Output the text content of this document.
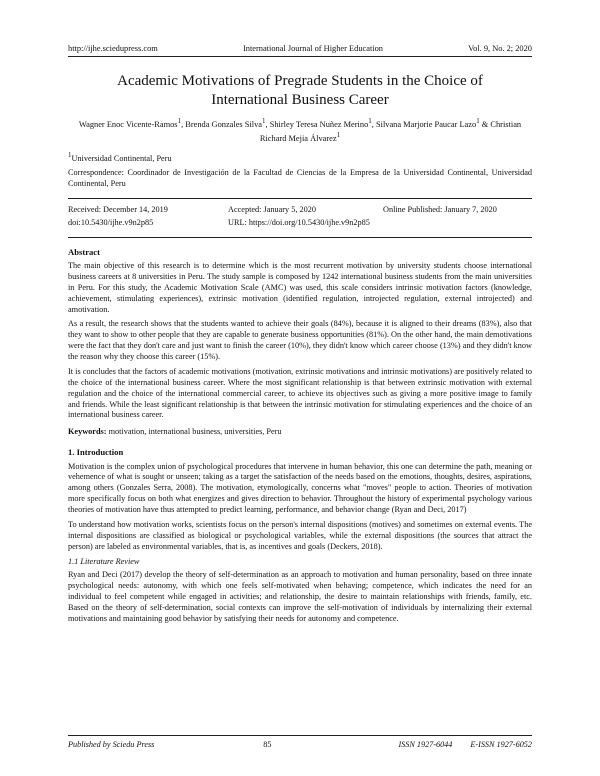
http://ijhe.sciedupress.com	International Journal of Higher Education	Vol. 9, No. 2; 2020
Academic Motivations of Pregrade Students in the Choice of
International Business Career
Wagner Enoc Vicente-Ramos$^1$, Brenda Gonzales Silva$^1$, Shirley Teresa Nuñez Merino$^1$, Silvana Marjorie Paucar Lazo$^1$ & Christian Richard Mejia Álvarez$^1$
$^1$Universidad Continental, Peru
Correspondence: Coordinador de Investigación de la Facultad de Ciencias de la Empresa de la Universidad Continental, Universidad Continental, Peru
Received: December 14, 2019	Accepted: January 5, 2020	Online Published: January 7, 2020
doi:10.5430/ijhe.v9n2p85	URL: https://doi.org/10.5430/ijhe.v9n2p85
Abstract

The main objective of this research is to determine which is the most recurrent motivation by university students choose international business careers at 8 universities in Peru. The study sample is composed by 1242 international business students from the main universities in Peru. For this study, the Academic Motivation Scale (AMC) was used, this scale considers intrinsic motivation factors (knowledge, achievement, stimulating experiences), extrinsic motivation (identified regulation, introjected regulation, external introjected) and amotivation.

As a result, the research shows that the students wanted to achieve their goals (84%), because it is aligned to their dreams (83%), also that they want to show to other people that they are capable to generate business opportunities (81%). On the other hand, the main demotivations were the fact that they don't care and just want to finish the career (10%), they didn't know which career choose (13%) and they didn't know the reason why they choose this career (15%).

It is concludes that the factors of academic motivations (motivation, extrinsic motivations and intrinsic motivations) are positively related to the choice of the international business career. Where the most significant relationship is that between extrinsic motivation with external regulation and the choice of the international commercial career, to achieve its objectives such as giving a more positive image to family and friends. While the least significant relationship is that between the intrinsic motivation for stimulating experiences and the choice of an international business career.

Keywords: motivation, international business, universities, Peru
1. Introduction

Motivation is the complex union of psychological procedures that intervene in human behavior, this one can determine the path, meaning or vehemence of what is sought or unseen; taking as a target the satisfaction of the needs based on the emotions, thoughts, desires, aspirations, among others (Gonzales Serra, 2008). The motivation, etymologically, concerns what "moves" people to action. Theories of motivation more specifically focus on both what energizes and gives direction to behavior. Throughout the history of experimental psychology various theories of motivation have thus attempted to predict learning, performance, and behavior change (Ryan and Deci, 2017)

To understand how motivation works, scientists focus on the person's internal dispositions (motives) and sometimes on external events. The internal dispositions are classified as biological or psychological variables, while the external dispositions (the sources that attract the person) are labeled as environmental variables, that is, as incentives and goals (Deckers, 2018).

1.1 Literature Review

Ryan and Deci (2017) develop the theory of self-determination as an approach to motivation and human personality, based on three innate psychological needs: autonomy, with which one feels self-motivated when behaving; competence, which indicates the need for an individual to feel competent while engaged in activities; and relationship, the desire to maintain relationships with friends, family, etc. Based on the theory of self-determination, social contexts can improve the self-motivation of individuals by internalizing their external motivations and maintaining good behavior by satisfying their needs for autonomy and competence.

Published by Sciedu Press	85	ISSN 1927-6044 E-ISSN 1927-6052
